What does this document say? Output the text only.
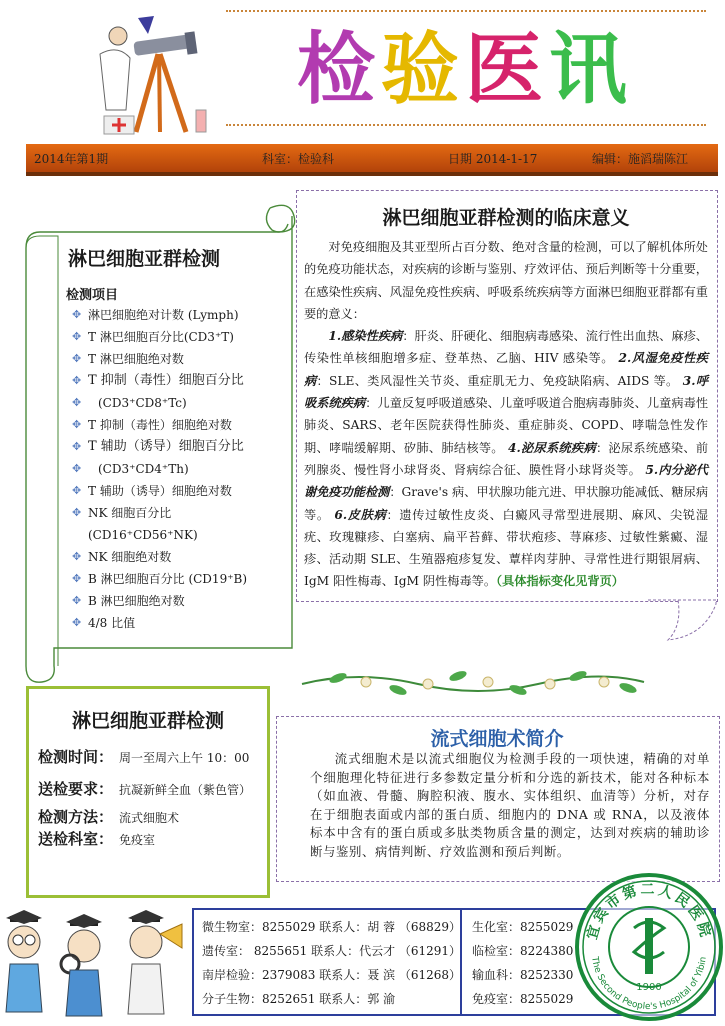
检 验 医 讯
2014年第1期	科室：检验科	日期 2014-1-17	编辑：施滔瑞陈江
淋巴细胞亚群检测
检测项目
✥ 淋巴细胞绝对计数 (Lymph)
✥ T 淋巴细胞百分比(CD3⁺T)
✥ T 淋巴细胞绝对数
✥ T 抑制（毒性）细胞百分比
✥ (CD3⁺CD8⁺Tc)
✥ T 抑制（毒性）细胞绝对数
✥ T 辅助（诱导）细胞百分比
✥ (CD3⁺CD4⁺Th)
✥ T 辅助（诱导）细胞绝对数
✥ NK 细胞百分比 (CD16⁺CD56⁺NK)
✥ NK 细胞绝对数
✥ B 淋巴细胞百分比 (CD19⁺B)
✥ B 淋巴细胞绝对数
✥ 4/8 比值
淋巴细胞亚群检测的临床意义
对免疫细胞及其亚型所占百分数、绝对含量的检测，可以了解机体所处的免疫功能状态，对疾病的诊断与鉴别、疗效评估、预后判断等十分重要，在感染性疾病、风湿免疫性疾病、呼吸系统疾病等方面淋巴细胞亚群都有重要的意义：
1.感染性疾病：肝炎、肝硬化、细胞病毒感染、流行性出血热、麻疹、传染性单核细胞增多症、登革热、乙脑、HIV 感染等。 2.风湿免疫性疾病：SLE、类风湿性关节炎、重症肌无力、免疫缺陷病、AIDS 等。 3.呼吸系统疾病：儿童反复呼吸道感染、儿童呼吸道合胞病毒肺炎、儿童病毒性肺炎、SARS、老年医院获得性肺炎、重症肺炎、COPD、哮喘急性发作期、哮喘缓解期、矽肺、肺结核等。 4.泌尿系统疾病：泌尿系统感染、前列腺炎、慢性肾小球肾炎、肾病综合征、膜性肾小球肾炎等。 5.内分泌代谢免疫功能检测：Grave's 病、甲状腺功能亢进、甲状腺功能减低、糖尿病等。 6.皮肤病：遗传过敏性皮炎、白癜风寻常型进展期、麻风、尖锐湿疣、玫瑰糠疹、白塞病、扁平苔藓、带状疱疹、荨麻疹、过敏性紫癜、湿疹、活动期 SLE、生殖器疱疹复发、蕈样肉芽肿、寻常性进行期银屑病、IgM 阳性梅毒、IgM 阴性梅毒等。（具体指标变化见背页）
淋巴细胞亚群检测
检测时间： 周一至周六上午 10：00
送检要求： 抗凝新鲜全血（紫色管）
检测方法： 流式细胞术
送检科室： 免疫室
流式细胞术简介
流式细胞术是以流式细胞仪为检测手段的一项快速，精确的对单个细胞理化特征进行多参数定量分析和分选的新技术，能对各种标本（如血液、骨髓、胸腔积液、腹水、实体组织、血清等）分析，对存在于细胞表面或内部的蛋白质、细胞内的 DNA 或 RNA，以及液体标本中含有的蛋白质或多肽类物质含量的测定，达到对疾病的辅助诊断与鉴别、病情判断、疗效监测和预后判断。
微生物室：8255029 联系人：胡 蓉 （68829）
遗传室： 8255651 联系人：代云才 （61291）
南岸检验：2379083 联系人：聂 滨 （61268）
分子生物：8252651 联系人：郭 渝
生化室：8255029
临检室：8224380
输血科：8252330
免疫室：8255029
宜宾市第二人民医院
The Second People's Hospital of Yibin
1900
